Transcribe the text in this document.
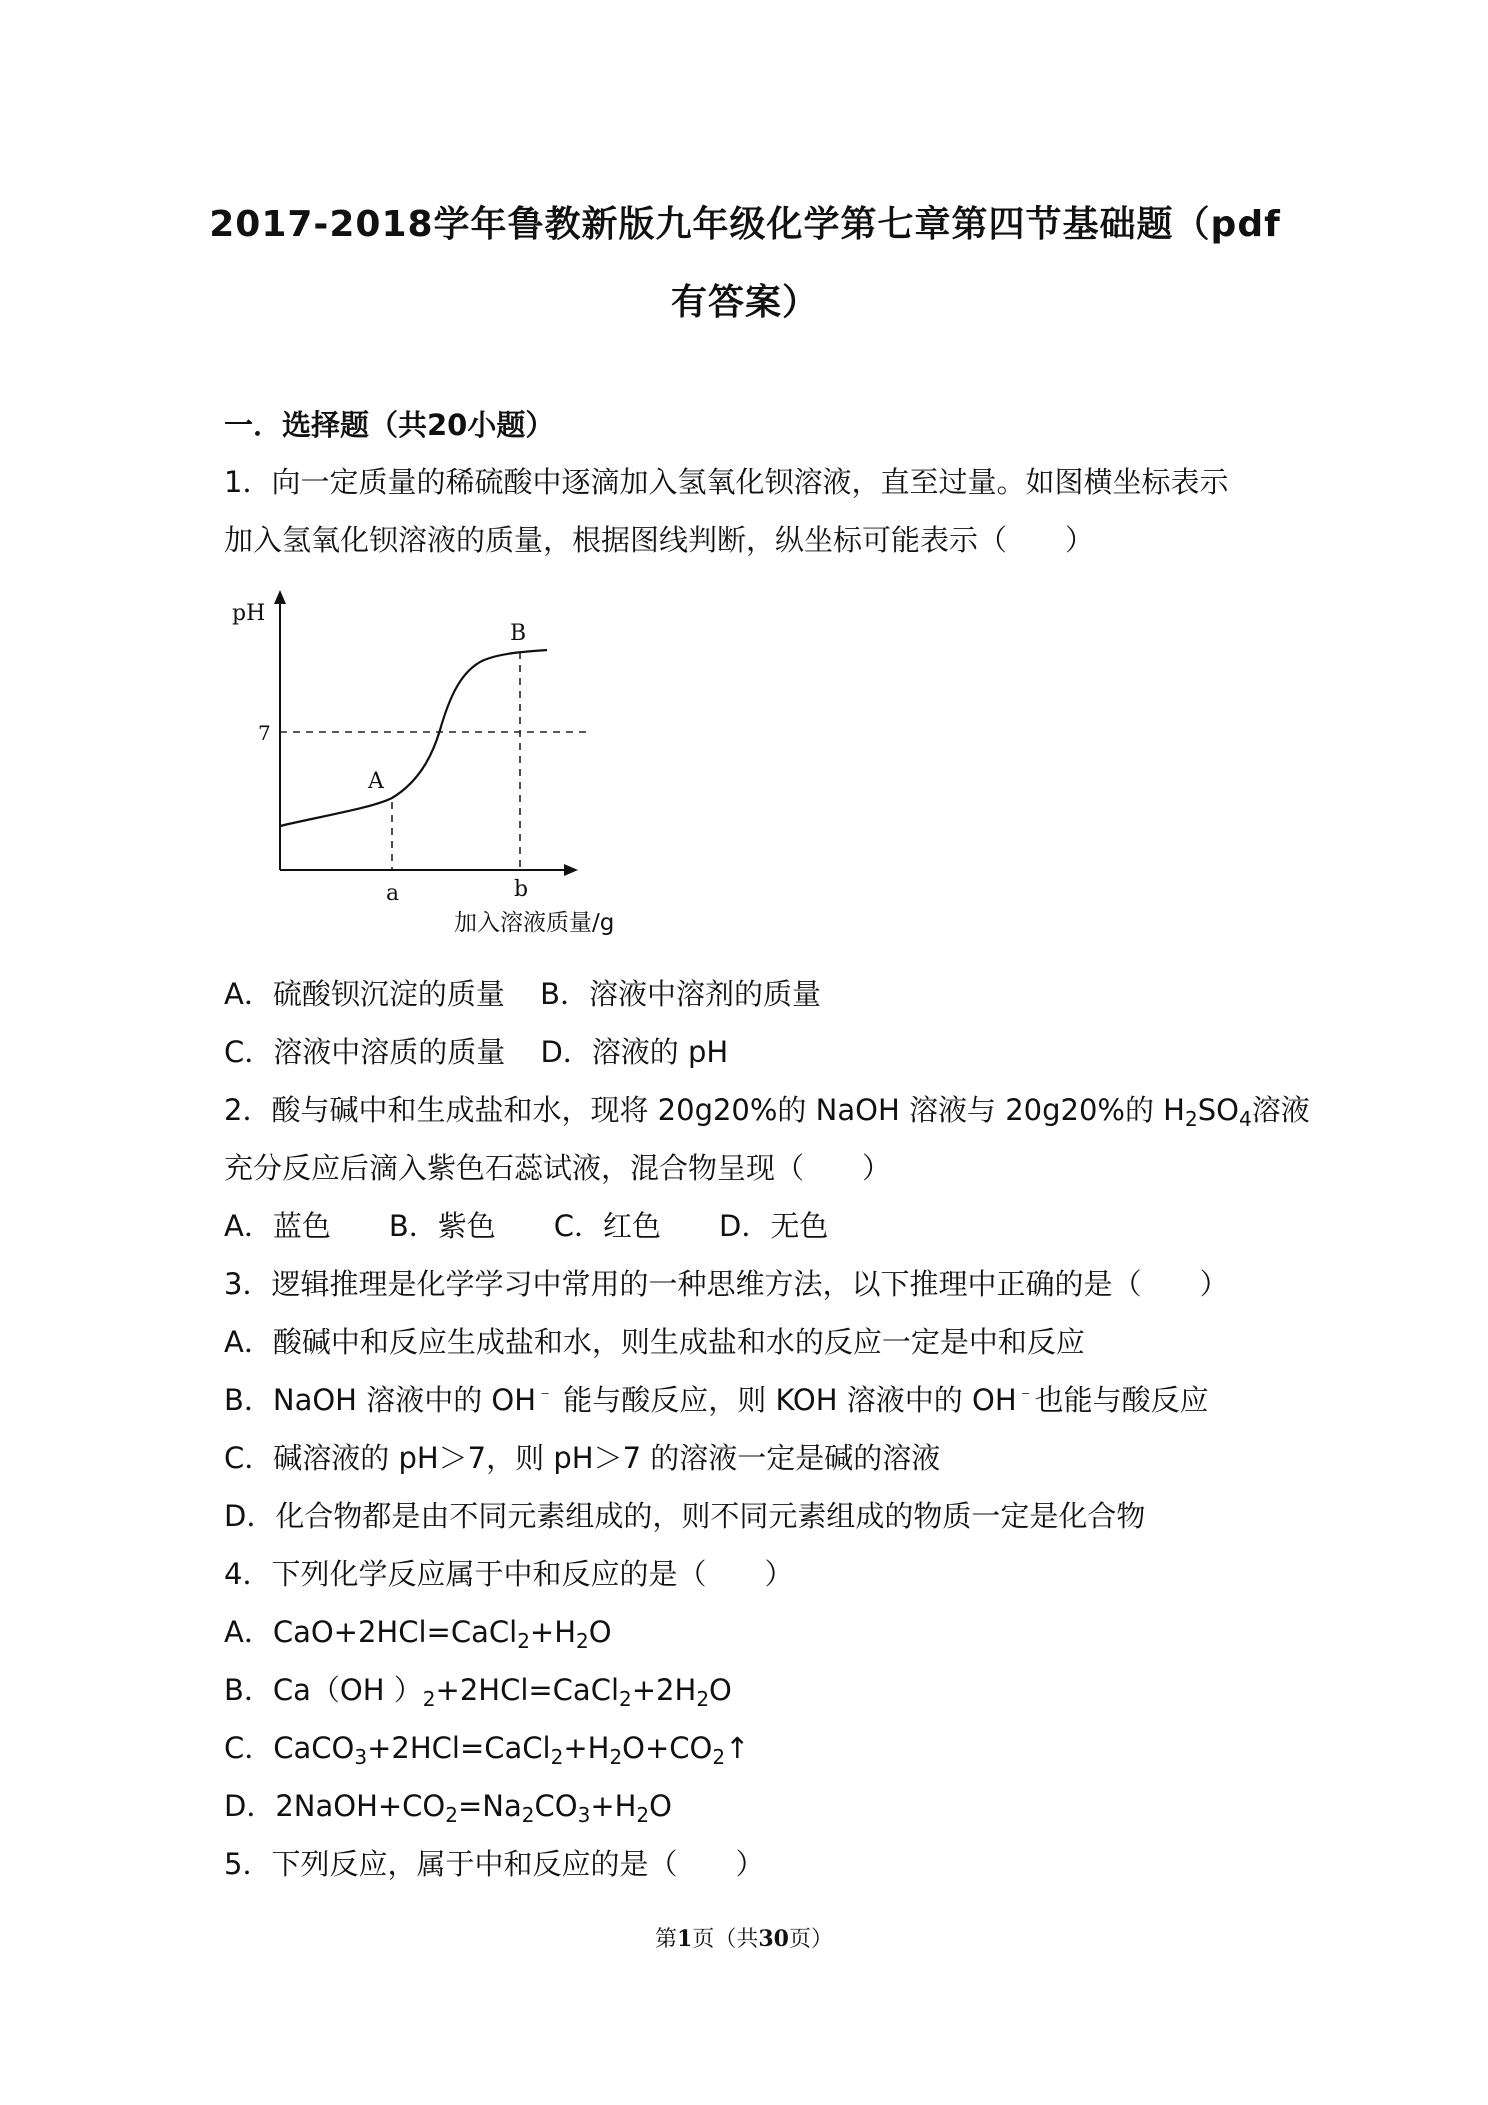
2017-2018学年鲁教新版九年级化学第七章第四节基础题（pdf
有答案）
一．选择题（共20小题）
1．向一定质量的稀硫酸中逐滴加入氢氧化钡溶液，直至过量。如图横坐标表示
加入氢氧化钡溶液的质量，根据图线判断，纵坐标可能表示（　　）
pH
7
A
B
a	b
加入溶液质量/g
A．硫酸钡沉淀的质量 B．溶液中溶剂的质量
C．溶液中溶质的质量 D．溶液的 pH
2．酸与碱中和生成盐和水，现将 20g20%的 NaOH 溶液与 20g20%的 $H_2SO_4$溶液
充分反应后滴入紫色石蕊试液，混合物呈现（　　）
A．蓝色　　B．紫色　　C．红色　　D．无色
3．逻辑推理是化学学习中常用的一种思维方法，以下推理中正确的是（　　）
A．酸碱中和反应生成盐和水，则生成盐和水的反应一定是中和反应
B．NaOH 溶液中的 OH﹣ 能与酸反应，则 KOH 溶液中的 OH﹣也能与酸反应
C．碱溶液的 pH＞7，则 pH＞7 的溶液一定是碱的溶液
D．化合物都是由不同元素组成的，则不同元素组成的物质一定是化合物
4．下列化学反应属于中和反应的是（　　）
A．$CaO+2HCl=CaCl_2+H_2O$
B．Ca（OH ）$_2+2HCl=CaCl_2+2H_2O$
C．$CaCO_3+2HCl=CaCl_2+H_2O+CO_2↑$
D．$2NaOH+CO_2=Na_2CO_3+H_2O$
5．下列反应，属于中和反应的是（　　）
第1页（共30页）
